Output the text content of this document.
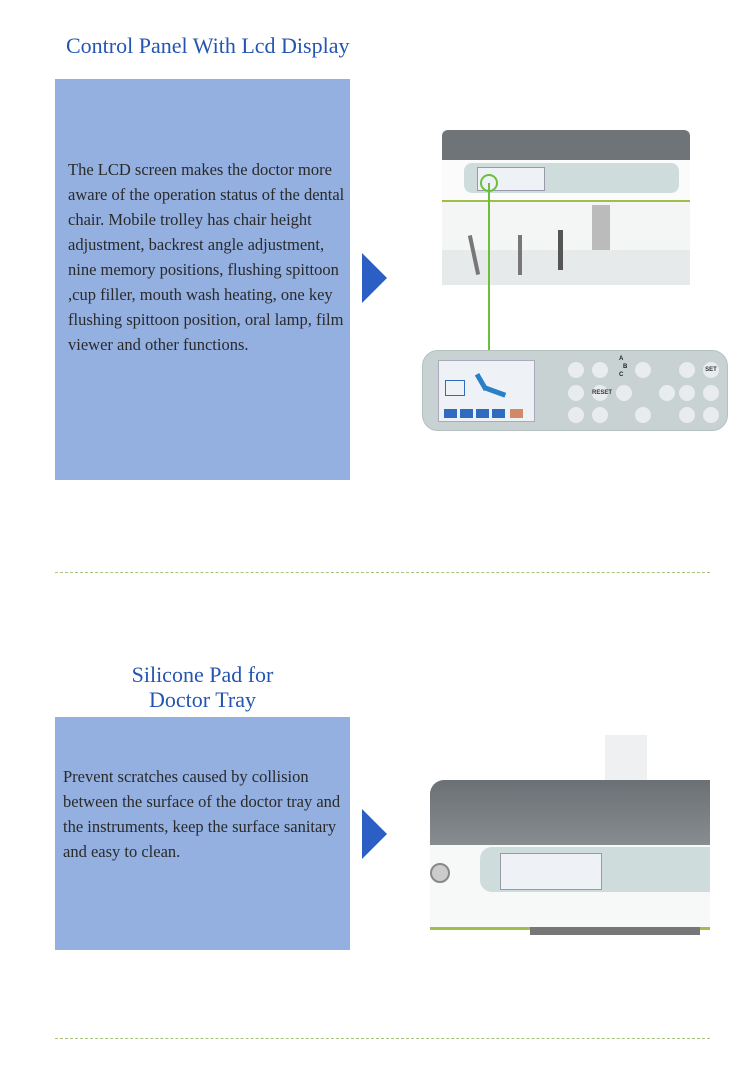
Control Panel With Lcd Display

The LCD screen makes the doctor more aware of the operation status of the dental chair. Mobile trolley has chair height adjustment, backrest angle adjustment, nine memory positions, flushing spittoon ,cup filler, mouth wash heating, one key flushing spittoon position, oral lamp, film viewer and other functions.

SET
RESET
A
B
C
Silicone Pad for
Doctor Tray

Prevent scratches caused by collision between the surface of the doctor tray and the instruments, keep the surface sanitary and easy to clean.
